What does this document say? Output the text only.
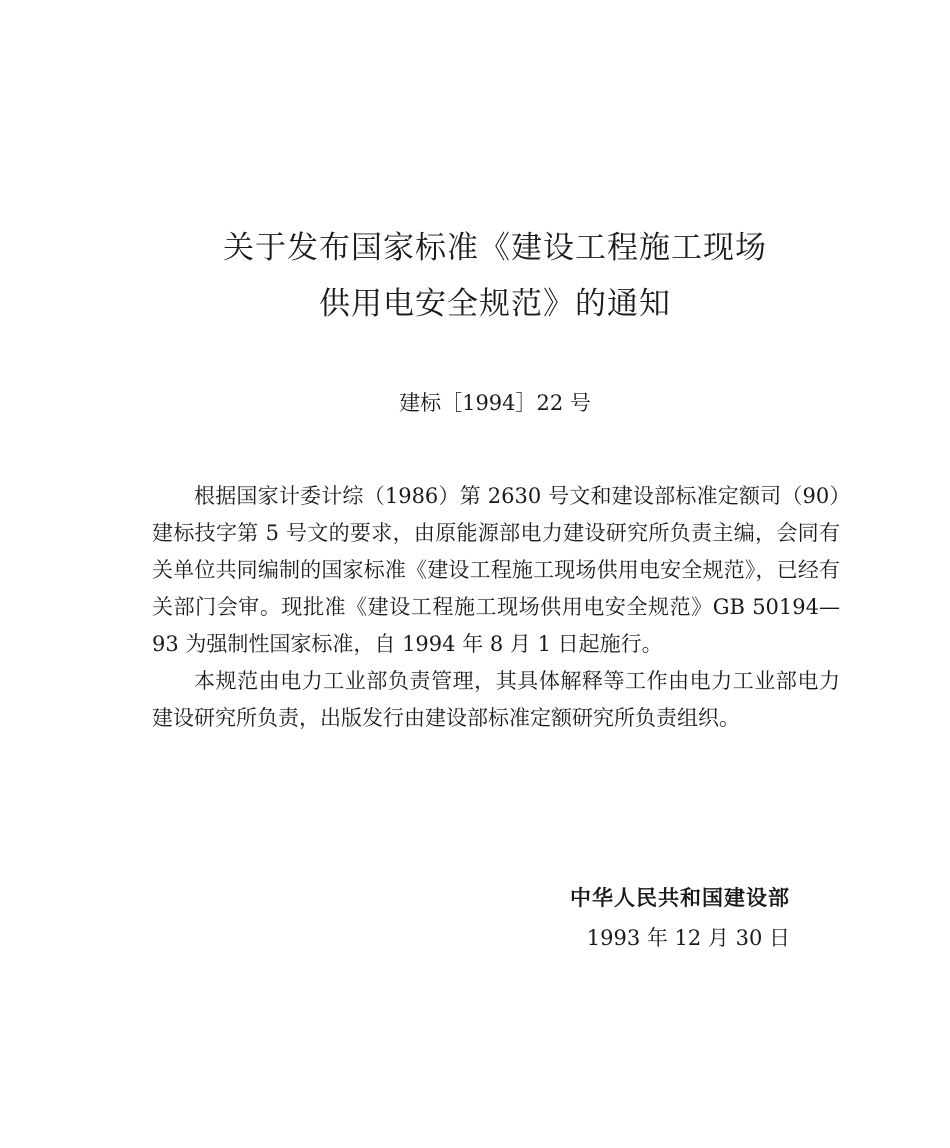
关于发布国家标准《建设工程施工现场
供用电安全规范》的通知
建标［1994］22 号

根据国家计委计综（1986）第 2630 号文和建设部标准定额司（90）建标技字第 5 号文的要求，由原能源部电力建设研究所负责主编，会同有关单位共同编制的国家标准《建设工程施工现场供用电安全规范》，已经有关部门会审。现批准《建设工程施工现场供用电安全规范》GB 50194—93 为强制性国家标准，自 1994 年 8 月 1 日起施行。

本规范由电力工业部负责管理，其具体解释等工作由电力工业部电力建设研究所负责，出版发行由建设部标准定额研究所负责组织。

中华人民共和国建设部
1993 年 12 月 30 日
